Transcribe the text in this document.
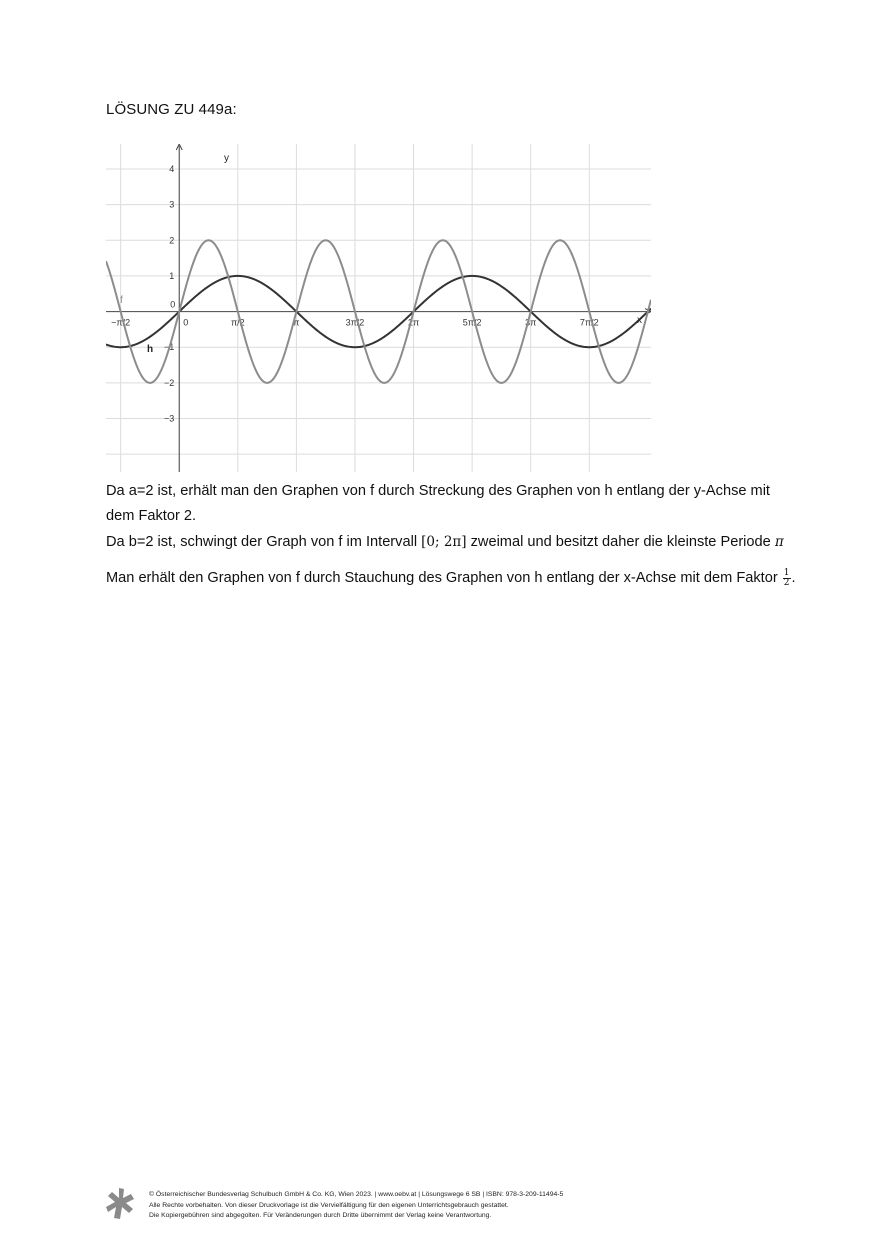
LÖSUNG ZU 449a:
−π/2	0	π/2	π	3π/2	2π	5π/2	3π	7π/2
0
4
3
2
1
−1
−2
−3
f
h
x
y
Da a=2 ist, erhält man den Graphen von f durch Streckung des Graphen von h entlang der y-Achse mit
dem Faktor 2.
Da b=2 ist, schwingt der Graph von f im Intervall [0; 2π] zweimal und besitzt daher die kleinste Periode π
Man erhält den Graphen von f durch Stauchung des Graphen von h entlang der x-Achse mit dem Faktor $\frac{1}{2}$ .
© Österreichischer Bundesverlag Schulbuch GmbH & Co. KG, Wien 2023. | www.oebv.at | Lösungswege 6 SB | ISBN: 978-3-209-11494-5
Alle Rechte vorbehalten. Von dieser Druckvorlage ist die Vervielfältigung für den eigenen Unterrichtsgebrauch gestattet.
Die Kopiergebühren sind abgegolten. Für Veränderungen durch Dritte übernimmt der Verlag keine Verantwortung.
